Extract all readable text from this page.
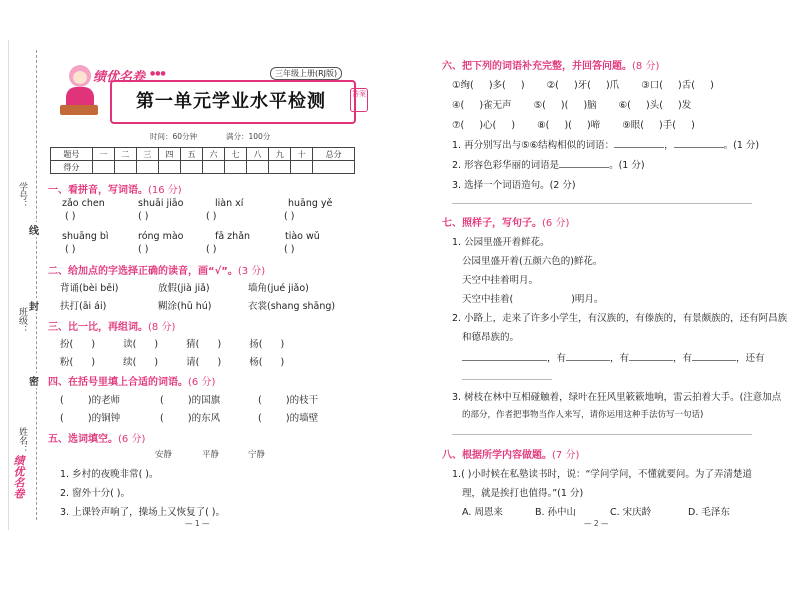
学号：
班级：
姓名：
线
封
密
绩优名卷 ●●●	三年级上册(RJ版)
第一单元学业水平检测	答案
时间：60分钟	满分：100分
题号	一	二	三	四	五	六	七	八	九	十	总分
得分											
一、看拼音，写词语。(16 分)
zǎo chen	shuāi jiāo	liàn xí	huāng yě
( )	( )	( )	( )
shuāng bì	róng mào	fā zhǎn	tiào wǔ
( )	( )	( )	( )
二、给加点的字选择正确的读音，画“√”。(3 分)
背诵(bèi bēi)	放假(jià jiǎ)	墙角(jué jiǎo)
扶打(āi ái)	糊涂(hū hú)	衣裳(shang shāng)
三、比一比，再组词。(8 分)
扮( )	读( )	猜( )	扬( )
粉( )	续( )	请( )	杨( )
四、在括号里填上合适的词语。(6 分)
(        )的老师	(        )的国旗	(        )的枝干
(        )的铜钟	(        )的东风	(        )的墙壁
五、选词填空。(6 分)
安静	平静	宁静
1. 乡村的夜晚非常( )。
2. 窗外十分( )。
3. 上课铃声响了，操场上又恢复了( )。
— 1 —
绩优名卷
六、把下列的词语补充完整，并回答问题。(8 分)
①绚( )多( ) ②( )牙( )爪 ③口( )舌( )
④( )雀无声 ⑤( )( )脑 ⑥( )头( )发
⑦( )心( ) ⑧( )( )啼 ⑨眼( )手( )
1. 再分别写出与⑤⑥结构相似的词语：	，	。(1 分)
2. 形容色彩华丽的词语是	。(1 分)
3. 选择一个词语造句。(2 分)
七、照样子，写句子。(6 分)
1. 公园里盛开着鲜花。
公园里盛开着(五颜六色的)鲜花。
天空中挂着明月。
天空中挂着(	)明月。
2. 小路上，走来了许多小学生，有汉族的，有傣族的，有景颇族的，还有阿昌族
和德昂族的。
，有	，有	，有	，还有
3. 树枝在林中互相碰触着，绿叶在狂风里簌簌地响，雷云拍着大手。(注意加点
的部分，作者把事物当作人来写，请你运用这种手法仿写一句话)
八、根据所学内容做题。(7 分)
1.( )小时候在私塾读书时，说：“学问学问，不懂就要问。为了弄清楚道
理，就是挨打也值得。”(1 分)
A. 周恩来	B. 孙中山	C. 宋庆龄	D. 毛泽东
— 2 —
